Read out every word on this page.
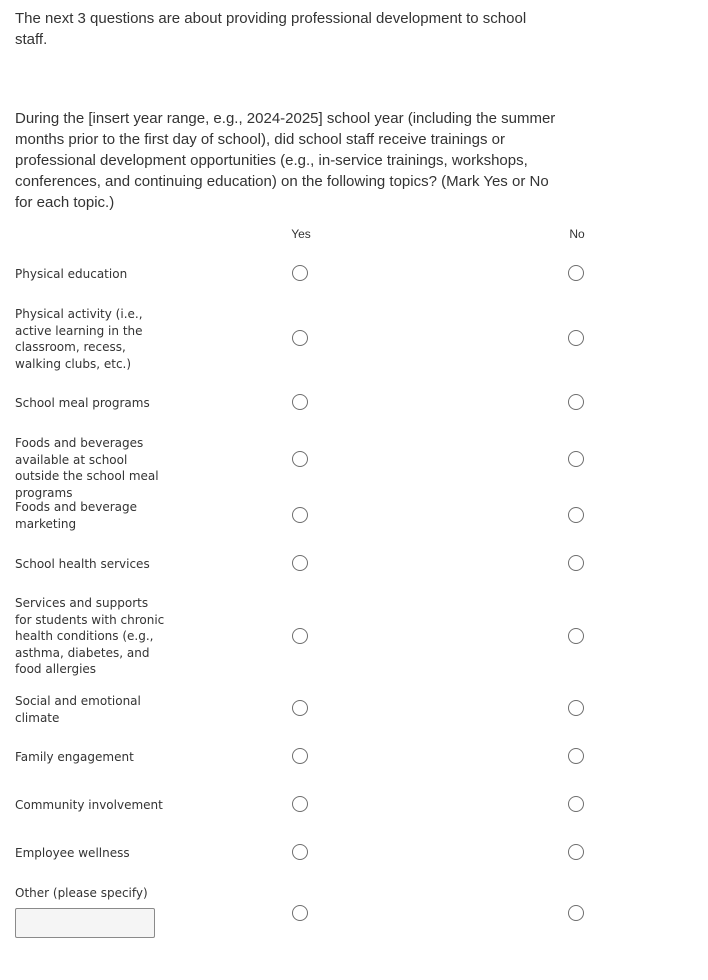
The next 3 questions are about providing professional development to school staff.
During the [insert year range, e.g., 2024-2025] school year (including the summer months prior to the first day of school), did school staff receive trainings or professional development opportunities (e.g., in-service trainings, workshops, conferences, and continuing education) on the following topics? (Mark Yes or No for each topic.)
Yes	No
Physical education
Physical activity (i.e., active learning in the classroom, recess, walking clubs, etc.)
School meal programs
Foods and beverages available at school outside the school meal programs
Foods and beverage marketing
School health services
Services and supports for students with chronic health conditions (e.g., asthma, diabetes, and food allergies
Social and emotional climate
Family engagement
Community involvement
Employee wellness
Other (please specify)
